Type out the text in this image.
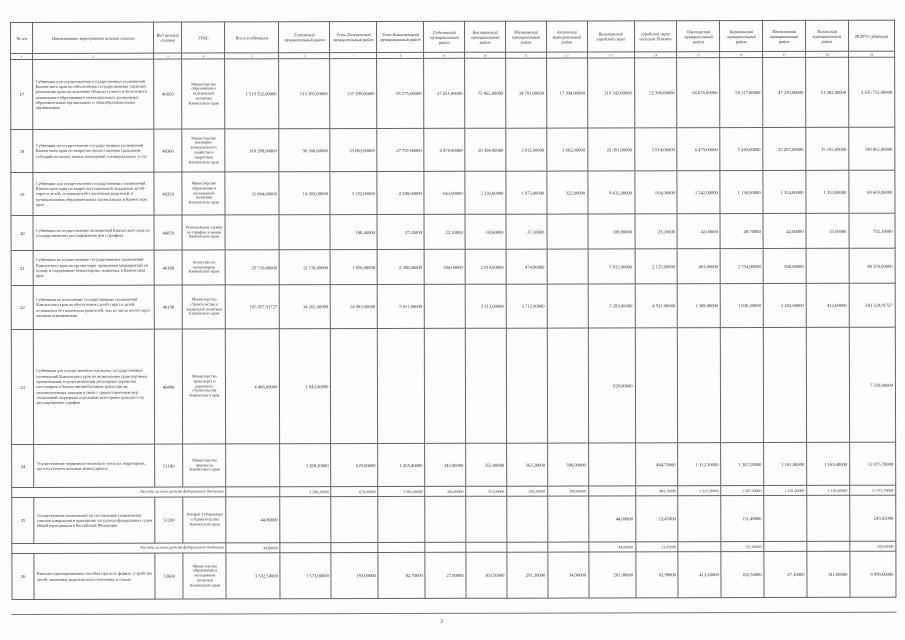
№ п/п	Наименование мероприятия целевой статьи	Вид целевой статьи	ГРБС	Всего (субвенции)	Елизовский муниципальный район	Усть-Камчатский муниципальный район	Усть-Большерецкий муниципальный район	Соболевский муниципальный район	Быстринский муниципальный район	Мильковский муниципальный район	Алеутский муниципальный район	Вилючинский городской округ	городской округ «поселок Палана»	Олюторский муниципальный район	Карагинский муниципальный район	Пенжинский муниципальный район	Тигильский муниципальный район	ВСЕГО субвенций
1	2	3	4	5	6	7	8	9	10	11	12	13	14	15	16	17	18	19
17	Субвенции для осуществления государственных полномочий Камчатского края по обеспечению государственных гарантий реализации прав на получение общедоступного и бесплатного дошкольного образования в муниципальных дошкольных образовательных организациях и общеобразовательных организациях	40050	Министерство образования и молодежной политики Камчатского края	1 519 332,00000	513 385,00000	137 189,00000	95 575,00000	27 021,00000	72 862,00000	34 781,00000	17 304,00000	210 342,00000	52 300,00000	66 676,00000	50 117,00000	47 239,00000	51 382,00000	2 635 752,00000
18	Субвенции на осуществление государственных полномочий Камчатского края по вопросам предоставления гражданам субсидий на оплату жилых помещений и коммунальных услуг	40360	Министерство жилищно-коммунального хозяйства и энергетики Камчатского края	318 288,00000	96 366,00000	23 863,00000	27 707,00000	4 478,00000	20 304,00000	3 812,00000	1 662,00000	23 391,00000	5 814,00000	6 479,00000	5 349,00000	27 455,00000	15 192,00000	580 862,00000
19	Субвенции для осуществления государственных полномочий Камчатского края по вопросам социальной поддержки детей-сирот и детей, оставшихся без попечения родителей, в муниципальных образовательных организациях в Камчатском крае	40350	Министерство образования и молодежной политики Камчатского края	31 804,00000	14 369,00000	3 252,00000	2 208,00000	643,00000	3 230,00000	1 073,00000	322,00000	9 432,00000	914,00000	1 542,00000	1 130,00000	1 354,00000	1 333,00000	69 603,00000
20	Субвенции на осуществление полномочий Камчатского края по государственному регулированию цен (тарифов)	40070	Региональная служба по тарифам и ценам Камчатского края			188,40000	37,20000	22,10000	69,60000	37,10000		108,00000	23,20000	42,00000	49,70000	42,00000	33,50000	702,10000
21	Субвенции на осуществление государственных полномочий Камчатского края по организации проведения мероприятий по отлову и содержанию безнадзорных животных в Камчатском крае	40180	Агентство по ветеринарии Камчатского края	29 710,00000	12 718,00000	1 850,00000	2 390,00000	394,00000	2 019,00000	474,00000		5 812,00000	2 125,00000	481,00000	1 754,00000	560,00000		40 350,00000
22	Субвенции на исполнение государственных полномочий Камчатского края по обеспечению детей-сирот и детей, оставшихся без попечения родителей, лиц из числа детей-сирот жилыми помещениями	40190	Министерство строительства и жилищной политики Камчатского края	165 957,91727	34 202,00000	14 903,00000	5 011,00000		5 113,00000	3 712,00000		5 283,00000	4 921,00000	1 309,00000	1 036,00000	2 203,00000	412,00000	243 329,91727
23	Субвенции для осуществления отдельных государственных полномочий Камчатского края по возмещению транспортным организациям, осуществляющим регулярные перевозки пассажиров и багажа автомобильным транспортом, недополученных доходов в связи с предоставлением мер социальной поддержки отдельным категориям граждан и по регулированию тарифов	40490	Министерство транспорта и дорожного строительства Камчатского края	4 486,00000	1 943,00000							928,00000						7 359,00000
24	Осуществление первичного воинского учета на территориях, где отсутствуют военные комиссариаты	51180	Министерство финансов Камчатского края		3 288,20000	629,00000	1 265,40000	343,00000	352,00000	363,20000	306,00000		484,70000	1 312,30000	1 307,50000	1 161,00000	1 163,40000	12 075,70000
Расходы за счет средств федерального бюджета					3 288,20000	629,00000	1 265,40000	343,00000	352,00000	363,20000	306,00000		484,70000	1 312,30000	1 307,50000	1 161,00000	1 163,40000	12 075,70000
25	Осуществление полномочий по составлению (изменению) списков кандидатов в присяжные заседатели федеральных судов общей юрисдикции в Российской Федерации	51200	Аппарат Губернатора и Правительства Камчатского края	44,80000								44,00000	23,45000		131,40000			243,65000
Расходы за счет средств федерального бюджета				44,80000								44,00000	23,45000		131,40000			243,65000
26	Выплата единовременного пособия при всех формах устройства детей, лишенных родительского попечения, в семью	52600	Министерство образования и молодежной политики Камчатского края	3 532,50000	1 573,00000	183,00000	82,70000	27,00000	303,50000	291,30000	34,90000	201,90000	62,90000	413,20000	102,50000	27,10000	141,00000	6 999,60000
3
